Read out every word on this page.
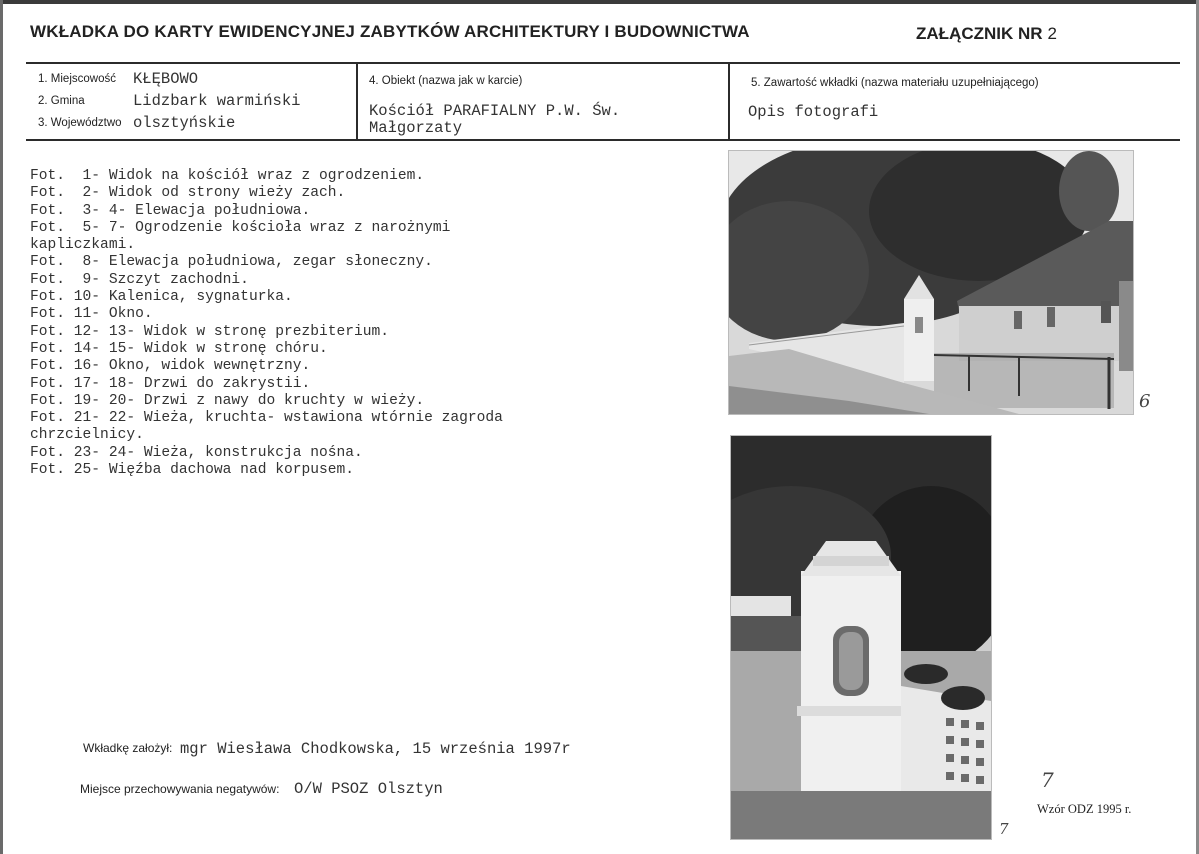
WKŁADKA DO KARTY EWIDENCYJNEJ ZABYTKÓW ARCHITEKTURY I BUDOWNICTWA	ZAŁĄCZNIK NR 2
1. Miejscowość KŁĘBOWO
2. Gmina	Lidzbark warmiński
3. Województwo olsztyńskie
4. Obiekt (nazwa jak w karcie)
Kościół PARAFIALNY P.W. Św.
Małgorzaty
5. Zawartość wkładki (nazwa materiału uzupełniającego)
Opis fotografi
Fot.  1- Widok na kościół wraz z ogrodzeniem.
Fot.  2- Widok od strony wieży zach.
Fot.  3- 4- Elewacja południowa.
Fot.  5- 7- Ogrodzenie kościoła wraz z narożnymi kapliczkami.
Fot.  8- Elewacja południowa, zegar słoneczny.
Fot.  9- Szczyt zachodni.
Fot. 10- Kalenica, sygnaturka.
Fot. 11- Okno.
Fot. 12- 13- Widok w stronę prezbiterium.
Fot. 14- 15- Widok w stronę chóru.
Fot. 16- Okno, widok wewnętrzny.
Fot. 17- 18- Drzwi do zakrystii.
Fot. 19- 20- Drzwi z nawy do kruchty w wieży.
Fot. 21- 22- Wieża, kruchta- wstawiona wtórnie zagroda chrzcielnicy.
Fot. 23- 24- Wieża, konstrukcja nośna.
Fot. 25- Więźba dachowa nad korpusem.
6
7
7
Wkładkę założył: mgr Wiesława Chodkowska, 15 września 1997r
Miejsce przechowywania negatywów: O/W PSOZ Olsztyn
Wzór ODZ 1995 r.
